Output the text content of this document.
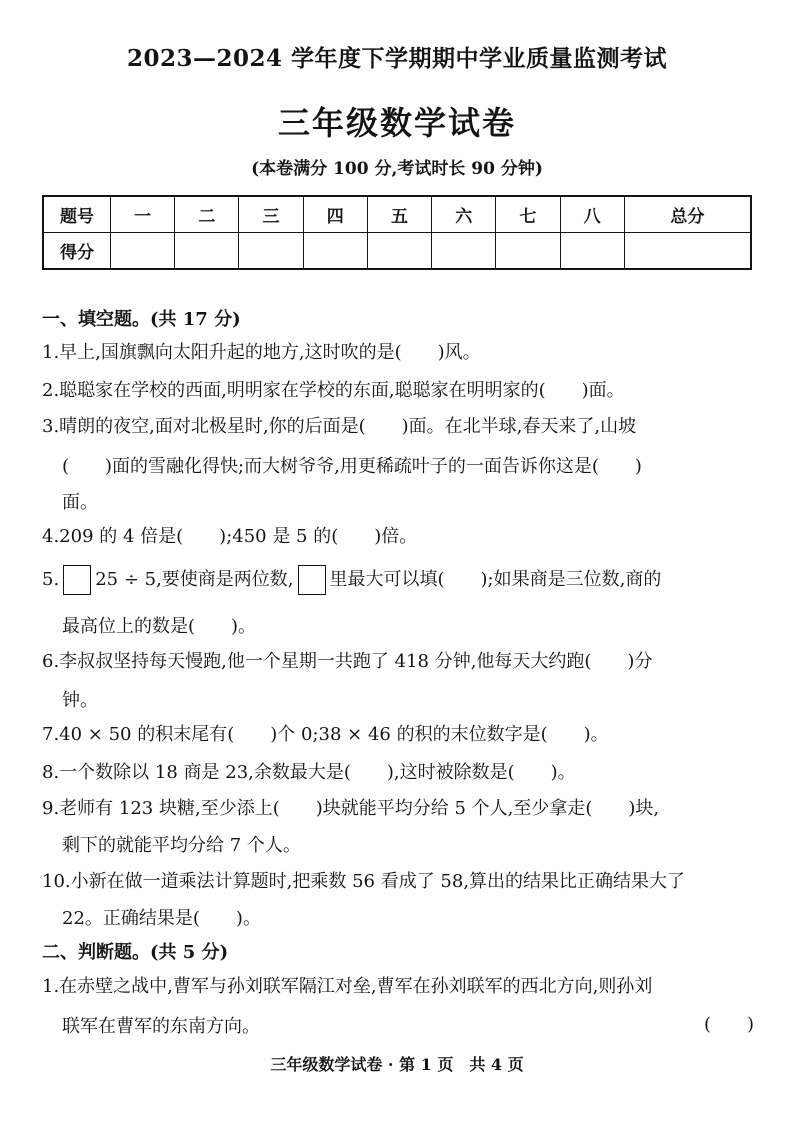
2023—2024 学年度下学期期中学业质量监测考试
三年级数学试卷
(本卷满分 100 分,考试时长 90 分钟)
题号	一	二	三	四	五	六	七	八	总分
得分									
一、填空题。(共 17 分)
1.早上,国旗飘向太阳升起的地方,这时吹的是(　　)风。
2.聪聪家在学校的西面,明明家在学校的东面,聪聪家在明明家的(　　)面。
3.晴朗的夜空,面对北极星时,你的后面是(　　)面。在北半球,春天来了,山坡
(　　)面的雪融化得快;而大树爷爷,用更稀疏叶子的一面告诉你这是(　　)
面。
4.209 的 4 倍是(　　);450 是 5 的(　　)倍。
5. 25 ÷ 5,要使商是两位数, 里最大可以填(　　);如果商是三位数,商的
最高位上的数是(　　)。
6.李叔叔坚持每天慢跑,他一个星期一共跑了 418 分钟,他每天大约跑(　　)分
钟。
7.40 × 50 的积末尾有(　　)个 0;38 × 46 的积的末位数字是(　　)。
8.一个数除以 18 商是 23,余数最大是(　　),这时被除数是(　　)。
9.老师有 123 块糖,至少添上(　　)块就能平均分给 5 个人,至少拿走(　　)块,
剩下的就能平均分给 7 个人。
10.小新在做一道乘法计算题时,把乘数 56 看成了 58,算出的结果比正确结果大了
22。正确结果是(　　)。
二、判断题。(共 5 分)
1.在赤壁之战中,曹军与孙刘联军隔江对垒,曹军在孙刘联军的西北方向,则孙刘
联军在曹军的东南方向。	(　　)
三年级数学试卷 · 第 1 页　共 4 页
